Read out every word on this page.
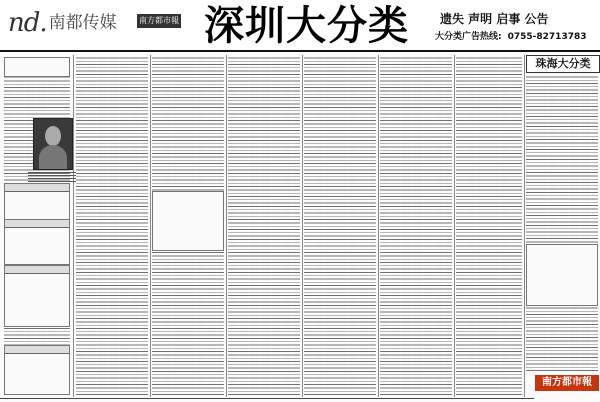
nd. 南都传媒	南方都市報 深圳大分类	遗失 声明 启事 公告
大分类广告热线: 0755-82713783
珠海大分类
南方都市報
